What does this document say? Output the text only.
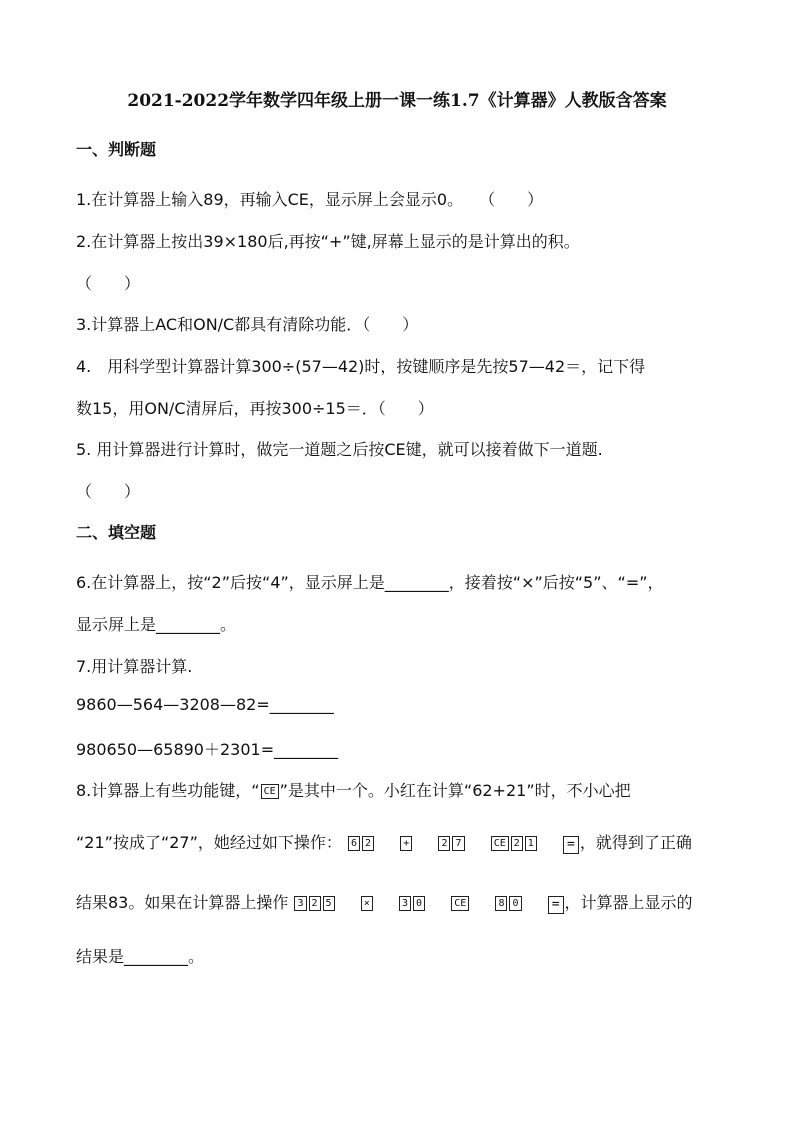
2021-2022学年数学四年级上册一课一练1.7《计算器》人教版含答案
一、判断题
1.在计算器上输入89，再输入CE，显示屏上会显示0。　　（　　）
2.在计算器上按出39×180后,再按“+”键,屏幕上显示的是计算出的积。
（　　）
3.计算器上AC和ON/C都具有清除功能．（　　）
4.　用科学型计算器计算300÷(57—42)时，按键顺序是先按57—42＝，记下得
数15，用ON/C清屏后，再按300÷15＝．（　　）
5. 用计算器进行计算时，做完一道题之后按CE键，就可以接着做下一道题.
（　　）
二、填空题
6.在计算器上，按“2”后按“4”，显示屏上是________，接着按“×”后按“5”、“=”，
显示屏上是________。
7.用计算器计算.
9860—564—3208—82=________
980650—65890＋2301=________
8.计算器上有些功能键，“ CE ”是其中一个。小红在计算“62+21”时，不小心把
“21”按成了“27”，她经过如下操作： 6 2	+	2 7	CE 2 1	= ，就得到了正确
结果83。如果在计算器上操作 3 2 5	×	3 0	CE	8 0	= ，计算器上显示的
结果是________。
